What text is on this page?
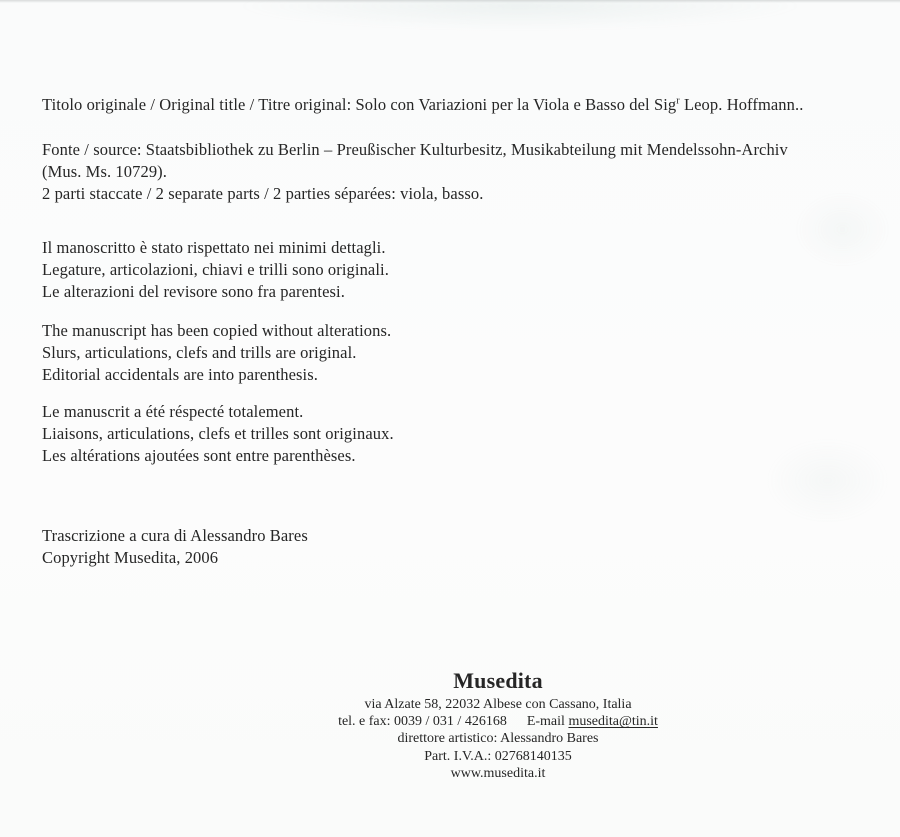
Titolo originale / Original title / Titre original: Solo con Variazioni per la Viola e Basso del Sig$^r$ Leop. Hoffmann..

Fonte / source: Staatsbibliothek zu Berlin – Preußischer Kulturbesitz, Musikabteilung mit Mendelssohn-Archiv

(Mus. Ms. 10729).

2 parti staccate / 2 separate parts / 2 parties séparées: viola, basso.

Il manoscritto è stato rispettato nei minimi dettagli.

Legature, articolazioni, chiavi e trilli sono originali.

Le alterazioni del revisore sono fra parentesi.

The manuscript has been copied without alterations.

Slurs, articulations, clefs and trills are original.

Editorial accidentals are into parenthesis.

Le manuscrit a été réspecté totalement.

Liaisons, articulations, clefs et trilles sont originaux.

Les altérations ajoutées sont entre parenthèses.

Trascrizione a cura di Alessandro Bares

Copyright Musedita, 2006

Musedita

via Alzate 58, 22032 Albese con Cassano, Italia

tel. e fax: 0039 / 031 / 426168 E-mail musedita@tin.it

direttore artistico: Alessandro Bares

Part. I.V.A.: 02768140135

www.musedita.it
